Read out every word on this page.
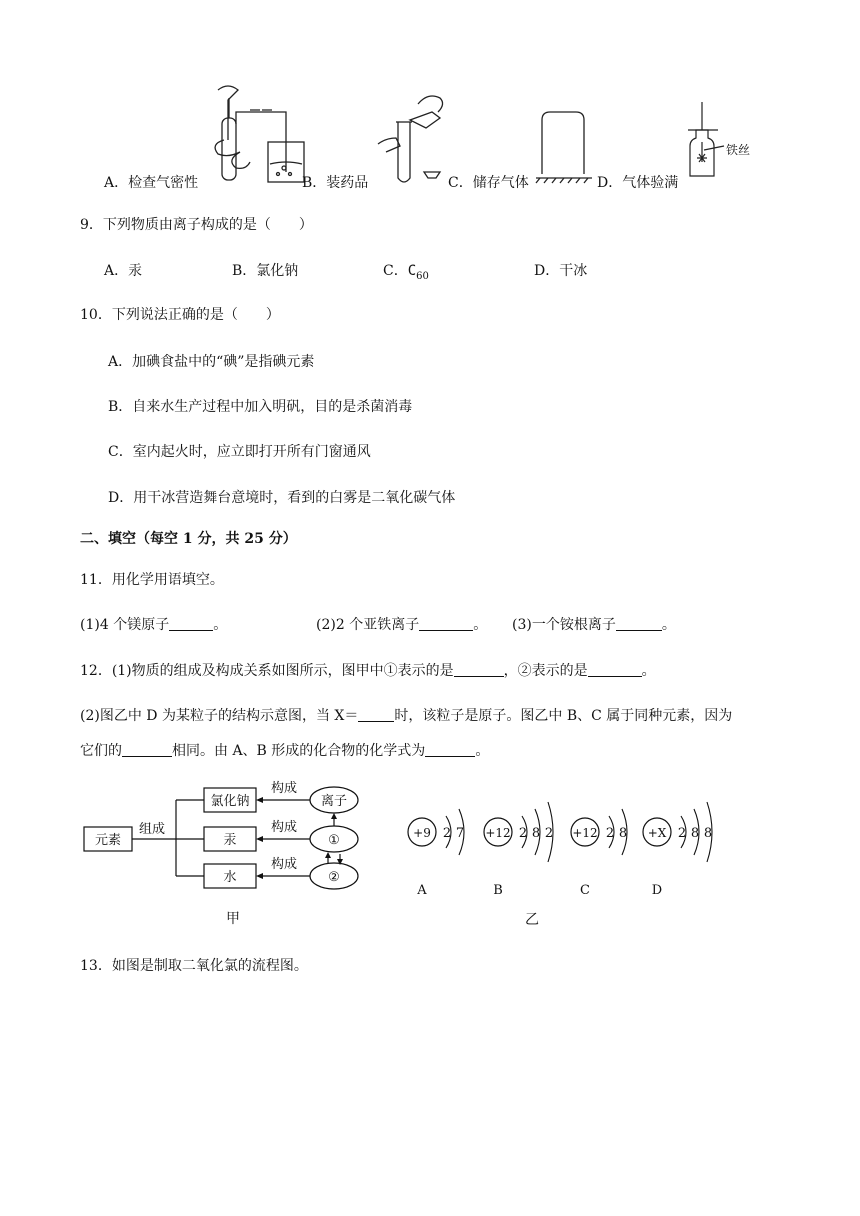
铁丝
A．检查气密性	B．装药品	C．储存气体	D．气体验满
9．下列物质由离子构成的是（　　）
A．汞	B．氯化钠	C．$C_{60}$	D．干冰
10．下列说法正确的是（　　）
A．加碘食盐中的“碘”是指碘元素
B．自来水生产过程中加入明矾，目的是杀菌消毒
C．室内起火时，应立即打开所有门窗通风
D．用干冰营造舞台意境时，看到的白雾是二氧化碳气体
二、填空（每空 1 分，共 25 分）
11．用化学用语填空。
(1)4 个镁原子	。	(2)2 个亚铁离子	。 (3)一个铵根离子	。
12．(1)物质的组成及构成关系如图所示，图甲中①表示的是	，②表示的是	。
(2)图乙中 D 为某粒子的结构示意图，当 X＝	时，该粒子是原子。图乙中 B、C 属于同种元素，因为
它们的	相同。由 A、B 形成的化合物的化学式为	。
元素
组成
氯化钠
汞
水
构成
构成
构成
离子
①
②
甲
+9 2 7
A
+12 2 8 2
B
+12 2 8
C
+X 2 8 8
D
乙
13．如图是制取二氧化氯的流程图。
